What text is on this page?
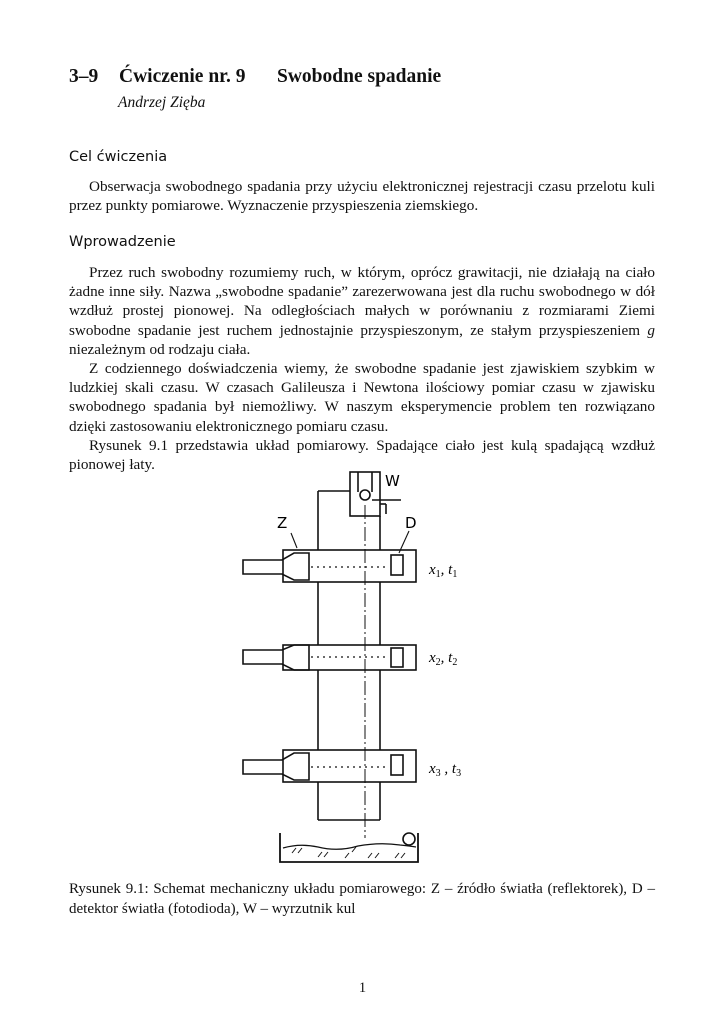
3–9 Ćwiczenie nr. 9 Swobodne spadanie
Andrzej Zięba
Cel ćwiczenia

Obserwacja swobodnego spadania przy użyciu elektronicznej rejestracji czasu przelotu kuli przez punkty pomiarowe. Wyznaczenie przyspieszenia ziemskiego.

Wprowadzenie

Przez ruch swobodny rozumiemy ruch, w którym, oprócz grawitacji, nie działają na ciało żadne inne siły. Nazwa „swobodne spadanie” zarezerwowana jest dla ruchu swobodnego w dół wzdłuż prostej pionowej. Na odległościach małych w porównaniu z rozmiarami Ziemi swobodne spadanie jest ruchem jednostajnie przyspieszonym, ze stałym przyspieszeniem g niezależnym od rodzaju ciała.

Z codziennego doświadczenia wiemy, że swobodne spadanie jest zjawiskiem szybkim w ludzkiej skali czasu. W czasach Galileusza i Newtona ilościowy pomiar czasu w zjawisku swobodnego spadania był niemożliwy. W naszym eksperymencie problem ten rozwiązano dzięki zastosowaniu elektronicznego pomiaru czasu.

Rysunek 9.1 przedstawia układ pomiarowy. Spadające ciało jest kulą spadającą wzdłuż pionowej łaty.

W
Z	D
x1, t1
x2, t2
x3 , t3
Rysunek 9.1: Schemat mechaniczny układu pomiarowego: Z – źródło światła (reflektorek), D – detektor światła (fotodioda), W – wyrzutnik kul
1
